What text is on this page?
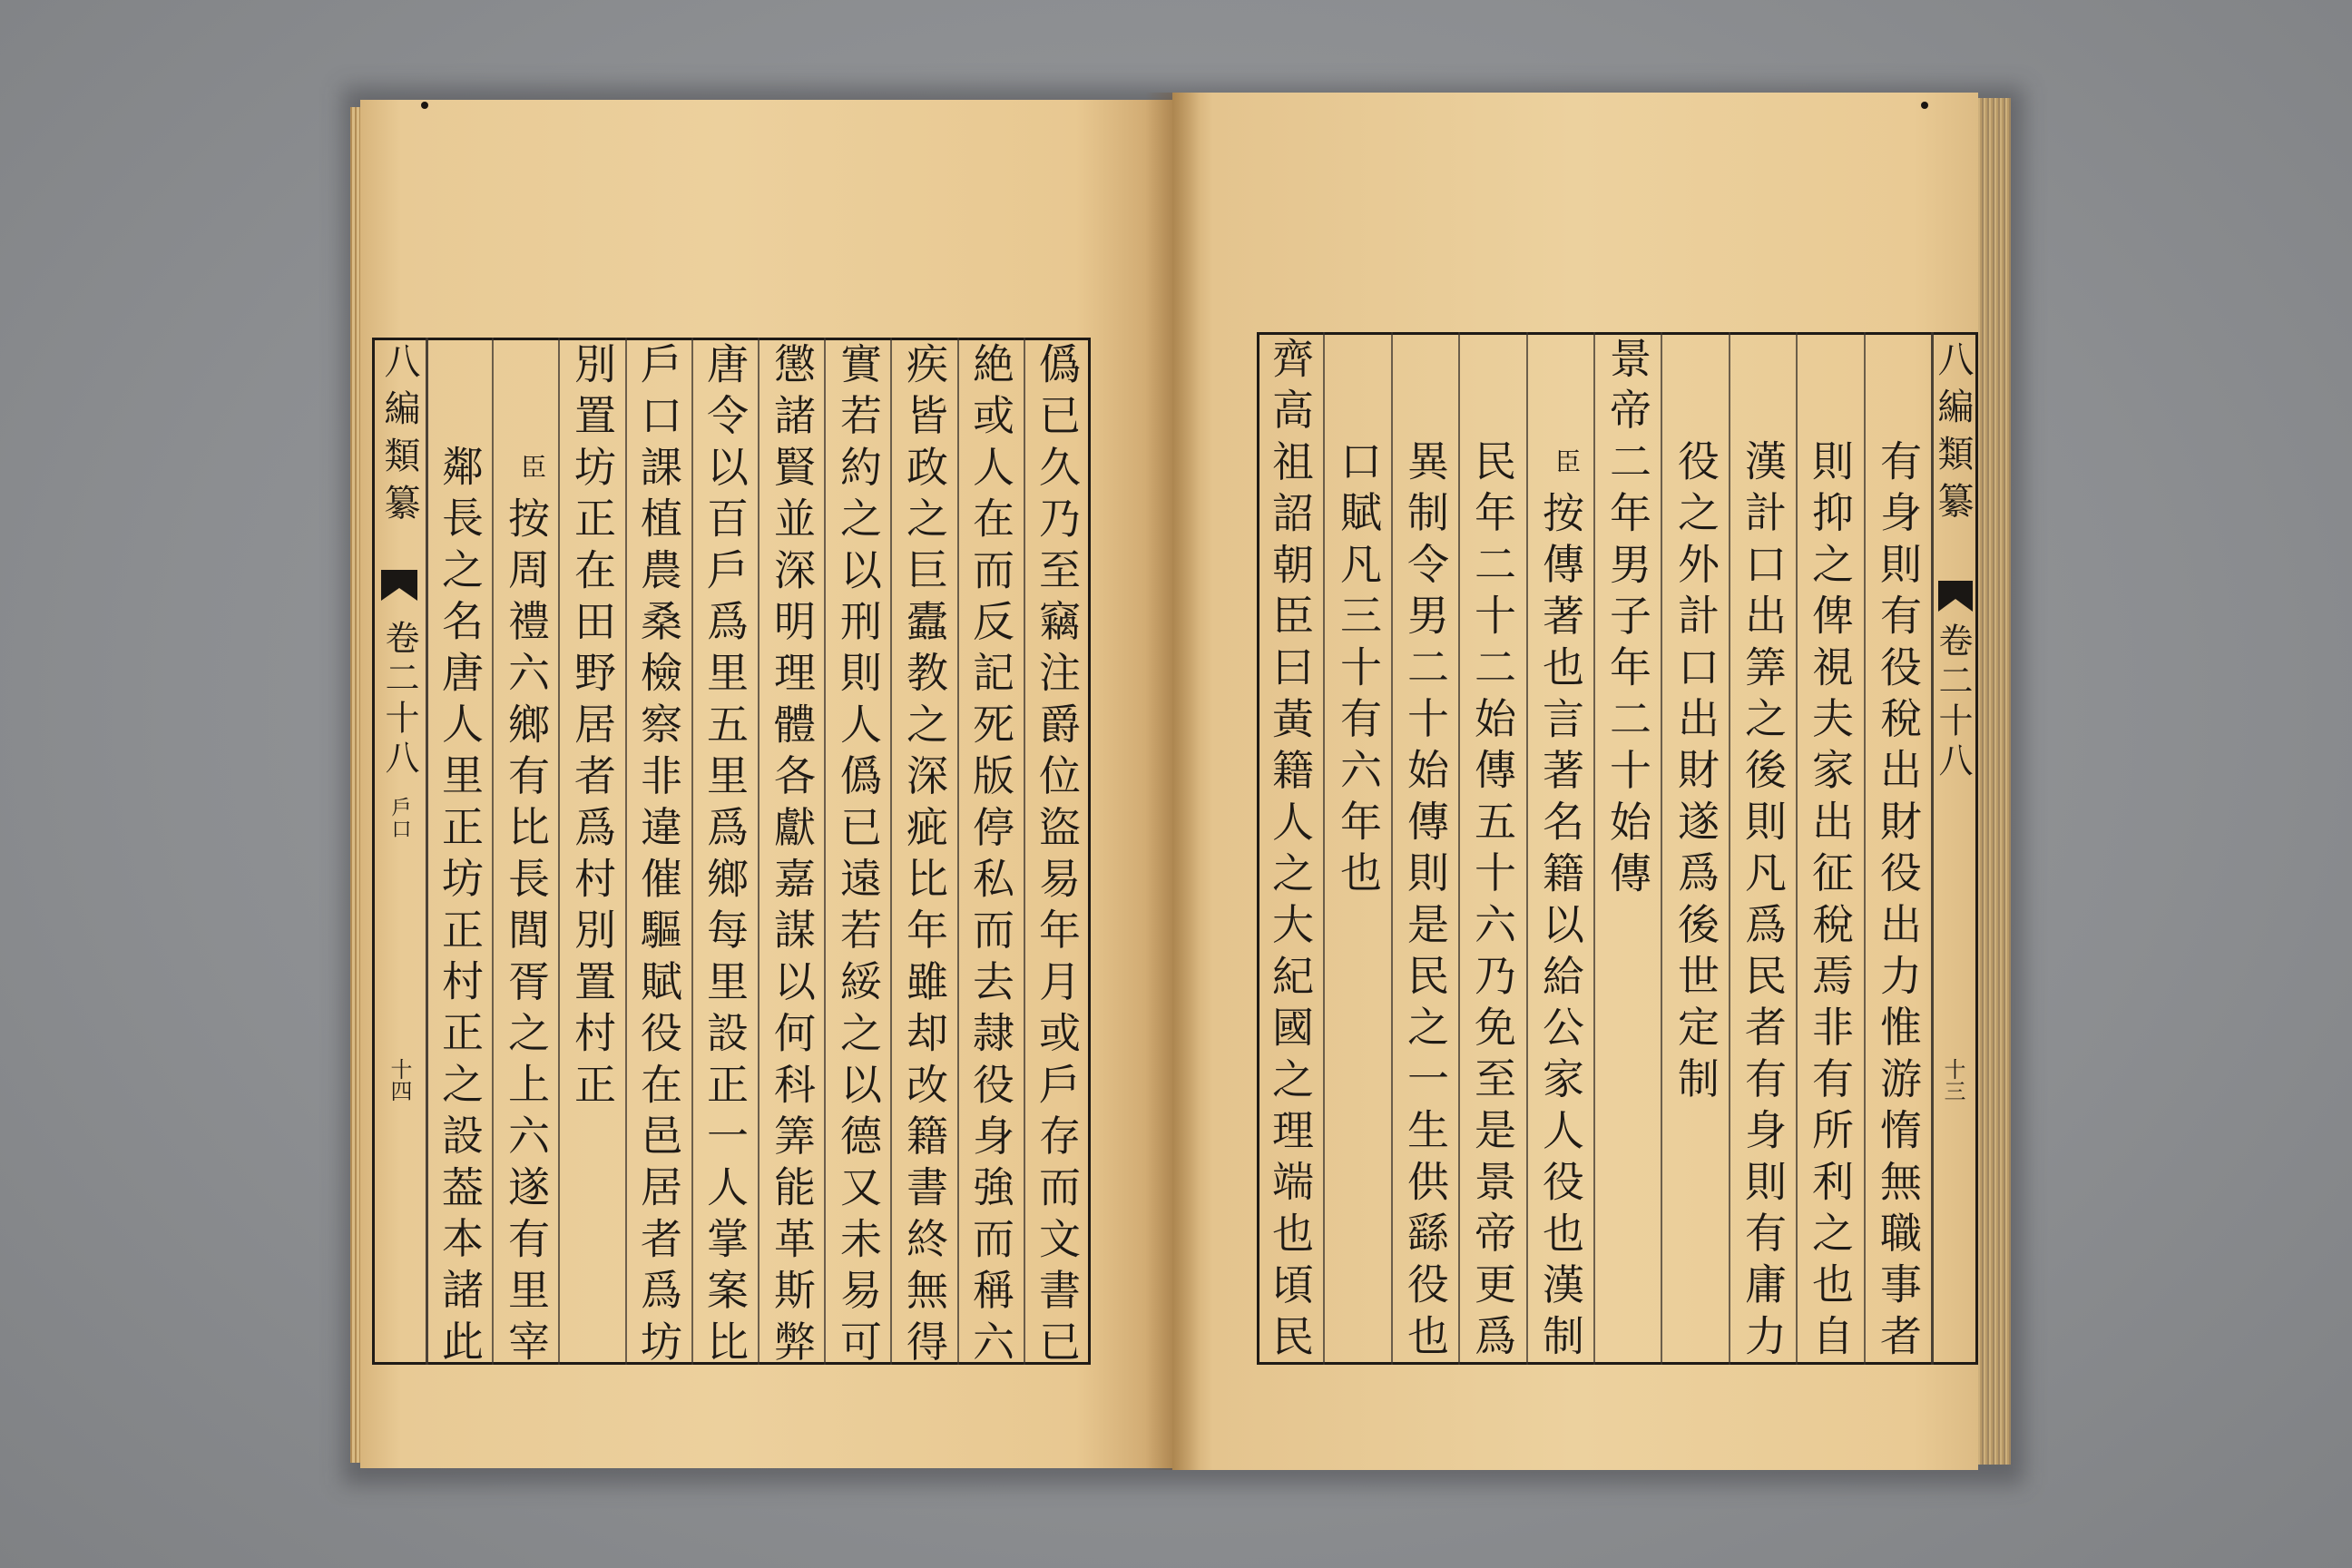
八編類纂
卷二十八
戶口
十四	僞已久乃至竊注爵位盜易年月或戶存而文書已
絶或人在而反記死版停私而去隷役身強而稱六
疾皆政之巨蠹教之深疵比年雖却改籍書終無得
實若約之以刑則人僞已遠若綏之以德又未易可
懲諸賢並深明理體各獻嘉謀以何科筭能革斯弊
唐令以百戶爲里五里爲鄉每里設正一人掌案比
戶口課植農桑檢察非違催驅賦役在邑居者爲坊
別置坊正在田野居者爲村別置村正
臣
按周禮六鄉有比長閭胥之上六遂有里宰
鄰長之名唐人里正坊正村正之設葢本諸此
八編類纂
卷二十八
十三
有身則有役稅出財役出力惟游惰無職事者
則抑之俾視夫家出征稅焉非有所利之也自
漢計口出筭之後則凡爲民者有身則有庸力
役之外計口出財遂爲後世定制
景帝二年男子年二十始傳
臣
按傳著也言著名籍以給公家人役也漢制
民年二十二始傳五十六乃免至是景帝更爲
異制令男二十始傳則是民之一生供繇役也
口賦凡三十有六年也
齊高祖詔朝臣曰黃籍人之大紀國之理端也頃民
